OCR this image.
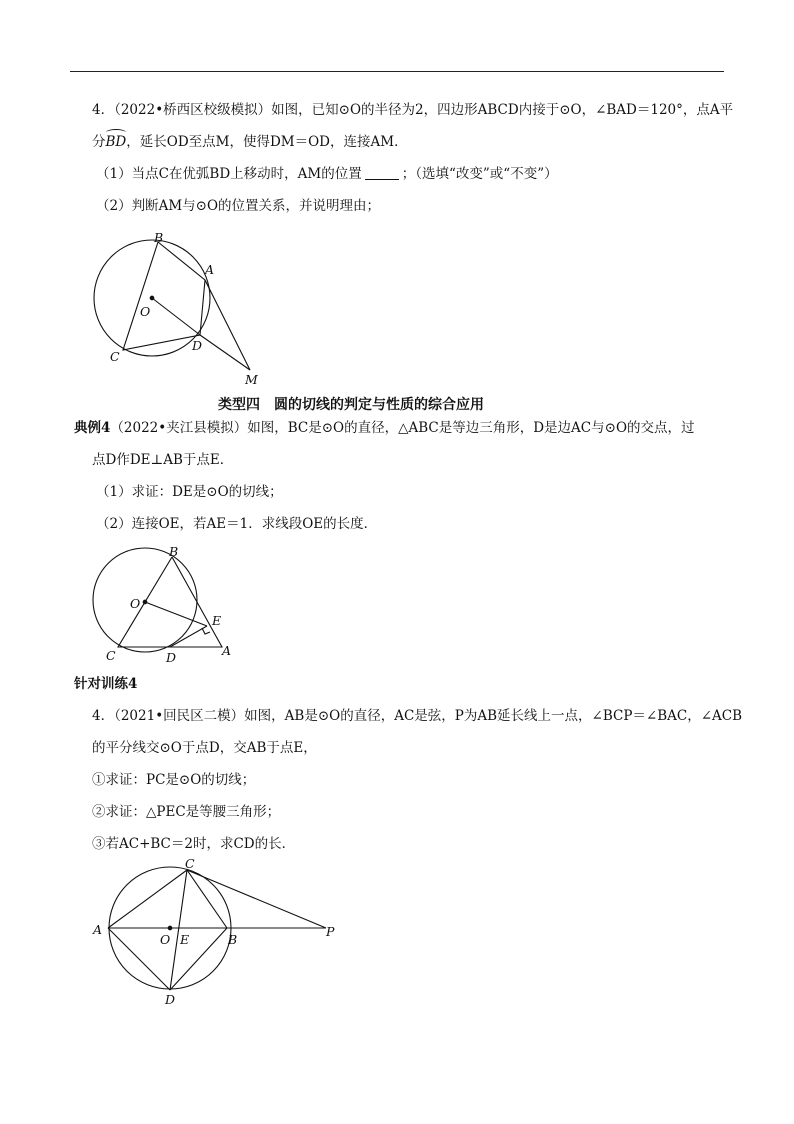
4．（2022•桥西区校级模拟）如图，已知⊙O的半径为2，四边形ABCD内接于⊙O，∠BAD＝120°，点A平
分BD，延长OD至点M，使得DM＝OD，连接AM．
（1）当点C在优弧BD上移动时，AM的位置	；（选填“改变”或“不变”）
（2）判断AM与⊙O的位置关系，并说明理由；
类型四　圆的切线的判定与性质的综合应用
典例4（2022•夹江县模拟）如图，BC是⊙O的直径，△ABC是等边三角形，D是边AC与⊙O的交点，过
点D作DE⊥AB于点E．
（1）求证：DE是⊙O的切线；
（2）连接OE，若AE＝1．求线段OE的长度．
针对训练4
4．（2021•回民区二模）如图，AB是⊙O的直径，AC是弦，P为AB延长线上一点，∠BCP＝∠BAC，∠ACB
的平分线交⊙O于点D，交AB于点E，
①求证：PC是⊙O的切线；
②求证：△PEC是等腰三角形；
③若AC+BC＝2时，求CD的长．
B
A
O
C
D
M
B
O
E
C	D	A
C
A
O E	B
P
D
